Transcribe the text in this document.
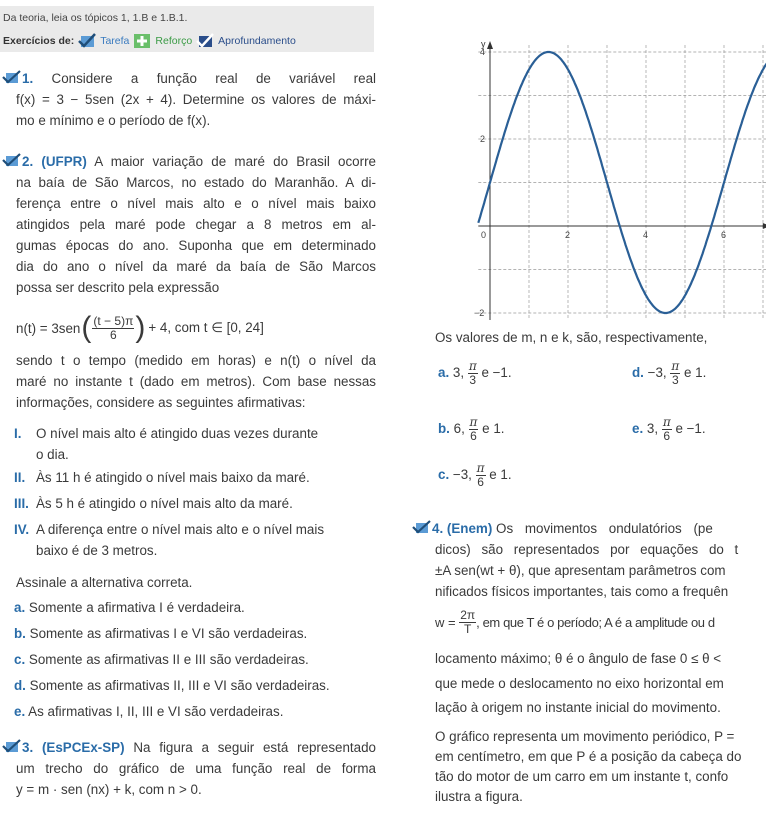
Da teoria, leia os tópicos 1, 1.B e 1.B.1.
Exercícios de: Tarefa Reforço Aprofundamento

1. Considere a função real de variável real

f(x) = 3 − 5sen (2x + 4). Determine os valores de máxi-

mo e mínimo e o período de f(x).

2. (UFPR) A maior variação de maré do Brasil ocorre

na baía de São Marcos, no estado do Maranhão. A di-

ferença entre o nível mais alto e o nível mais baixo

atingidos pela maré pode chegar a 8 metros em al-

gumas épocas do ano. Suponha que em determinado

dia do ano o nível da maré da baía de São Marcos

possa ser descrito pela expressão

n(t) = 3sen ( $\frac{(t - 5)\pi}{6}$ ) + 4, com t ∈ [0, 24]

sendo t o tempo (medido em horas) e n(t) o nível da

maré no instante t (dado em metros). Com base nessas

informações, considere as seguintes afirmativas:

I. O nível mais alto é atingido duas vezes durante
o dia.
II. Às 11 h é atingido o nível mais baixo da maré.
III. Às 5 h é atingido o nível mais alto da maré.
IV. A diferença entre o nível mais alto e o nível mais
baixo é de 3 metros.
Assinale a alternativa correta.
a. Somente a afirmativa I é verdadeira.
b. Somente as afirmativas I e VI são verdadeiras.
c. Somente as afirmativas II e III são verdadeiras.
d. Somente as afirmativas II, III e VI são verdadeiras.
e. As afirmativas I, II, III e VI são verdadeiras.

3. (EsPCEx-SP) Na figura a seguir está representado

um trecho do gráfico de uma função real de forma

y = m · sen (nx) + k, com n > 0.

y
0	2	4	6
4
2
−2
Os valores de m, n e k, são, respectivamente,
a. 3, $\frac{\pi}{3}$ e −1.
b. 6, $\frac{\pi}{6}$ e 1.
c. −3, $\frac{\pi}{6}$ e 1.
d. −3, $\frac{\pi}{3}$ e 1.
e. 3, $\frac{\pi}{6}$ e −1.
4. (Enem) Os movimentos ondulatórios (pe
dicos) são representados por equações do t
±A sen(wt + θ), que apresentam parâmetros com
nificados físicos importantes, tais como a frequên
w =
$\frac{2\pi}{T}$ , em que T é o período; A é a amplitude ou d
locamento máximo; θ é o ângulo de fase 0 ≤ θ <
que mede o deslocamento no eixo horizontal em
lação à origem no instante inicial do movimento.
O gráfico representa um movimento periódico, P =
em centímetro, em que P é a posição da cabeça do
tão do motor de um carro em um instante t, confo
ilustra a figura.
